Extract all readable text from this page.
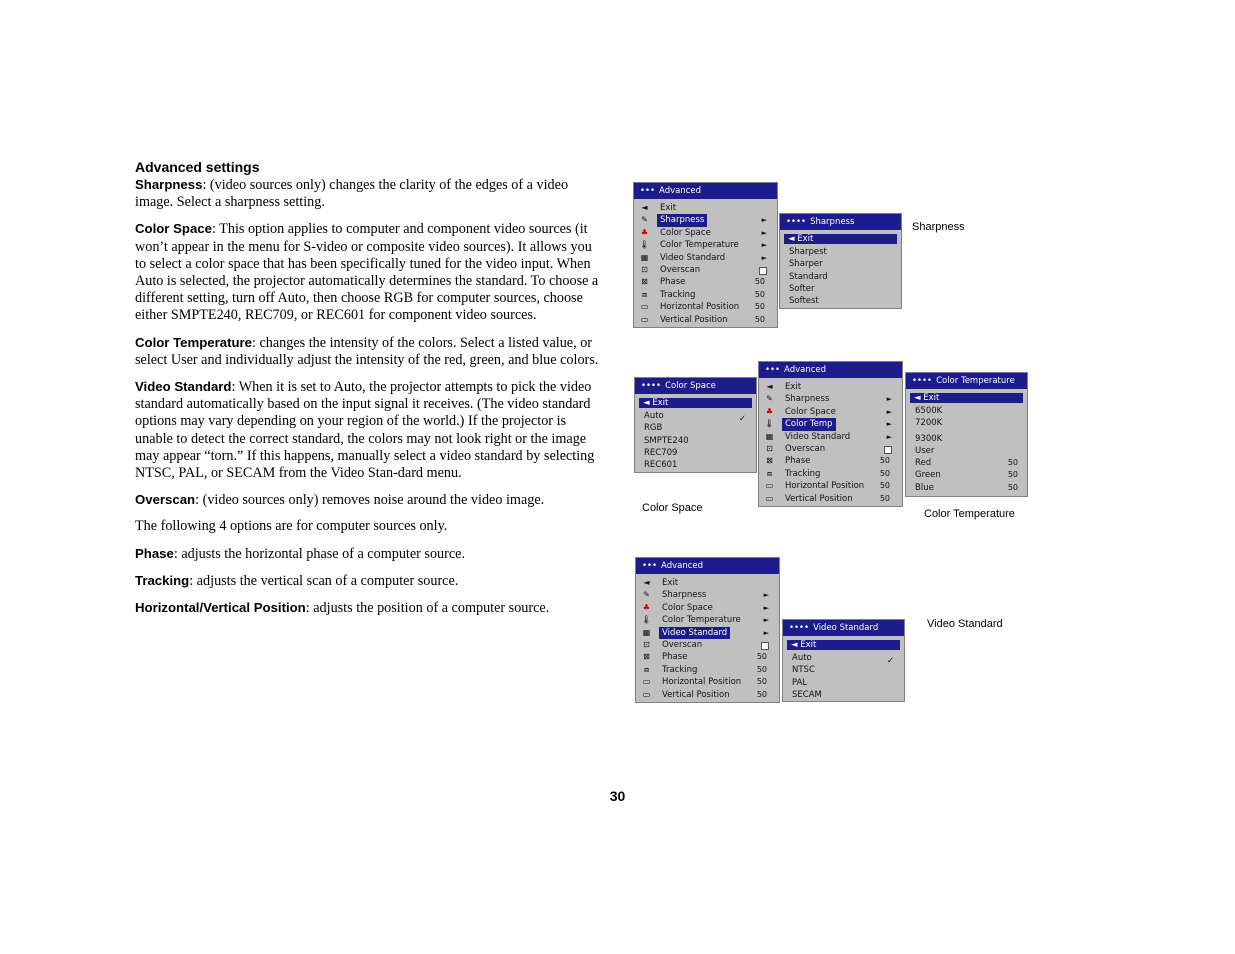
Advanced settings

Sharpness: (video sources only) changes the clarity of the edges of a video image. Select a sharpness setting.

Color Space: This option applies to computer and component video sources (it won’t appear in the menu for S-video or composite video sources). It allows you to select a color space that has been specifically tuned for the video input. When Auto is selected, the projector automatically determines the standard. To choose a different setting, turn off Auto, then choose RGB for computer sources, choose either SMPTE240, REC709, or REC601 for component video sources.

Color Temperature: changes the intensity of the colors. Select a listed value, or select User and individually adjust the intensity of the red, green, and blue colors.

Video Standard: When it is set to Auto, the projector attempts to pick the video standard automatically based on the input signal it receives. (The video standard options may vary depending on your region of the world.) If the projector is unable to detect the correct standard, the colors may not look right or the image may appear “torn.” If this happens, manually select a video standard by selecting NTSC, PAL, or SECAM from the Video Stan-dard menu.

Overscan: (video sources only) removes noise around the video image.

The following 4 options are for computer sources only.

Phase: adjusts the horizontal phase of a computer source.

Tracking: adjusts the vertical scan of a computer source.

Horizontal/Vertical Position: adjusts the position of a computer source.

••• Advanced
◄ Exit
✎	Sharpness	►
♣ Color Space	►
🌡 Color Temperature	►
▦ Video Standard	►
⊡ Overscan
⊠ Phase	50
⧈	Tracking	50
▭ Horizontal Position 50
▭ Vertical Position	50
•••• Sharpness
◄ Exit
Sharpest
Sharper
Standard
Softer
Softest
Sharpness
•••• Color Space
◄ Exit
Auto	✓
RGB
SMPTE240
REC709
REC601
Color Space
••• Advanced
◄ Exit
✎ Sharpness	►
♣ Color Space	►
🌡	Color Temp	►
▦ Video Standard	►
⊡ Overscan
⊠ Phase	50
⧈	Tracking	50
▭ Horizontal Position 50
▭ Vertical Position	50
•••• Color Temperature
◄ Exit
6500K
7200K
9300K
User
Red	50
Green	50
Blue	50
Color Temperature
••• Advanced
◄ Exit
✎ Sharpness	►
♣ Color Space	►
🌡 Color Temperature	►
▦	Video Standard	►
⊡ Overscan
⊠ Phase	50
⧈	Tracking	50
▭ Horizontal Position 50
▭ Vertical Position	50
•••• Video Standard
◄ Exit
Auto	✓
NTSC
PAL
SECAM
Video Standard
30
